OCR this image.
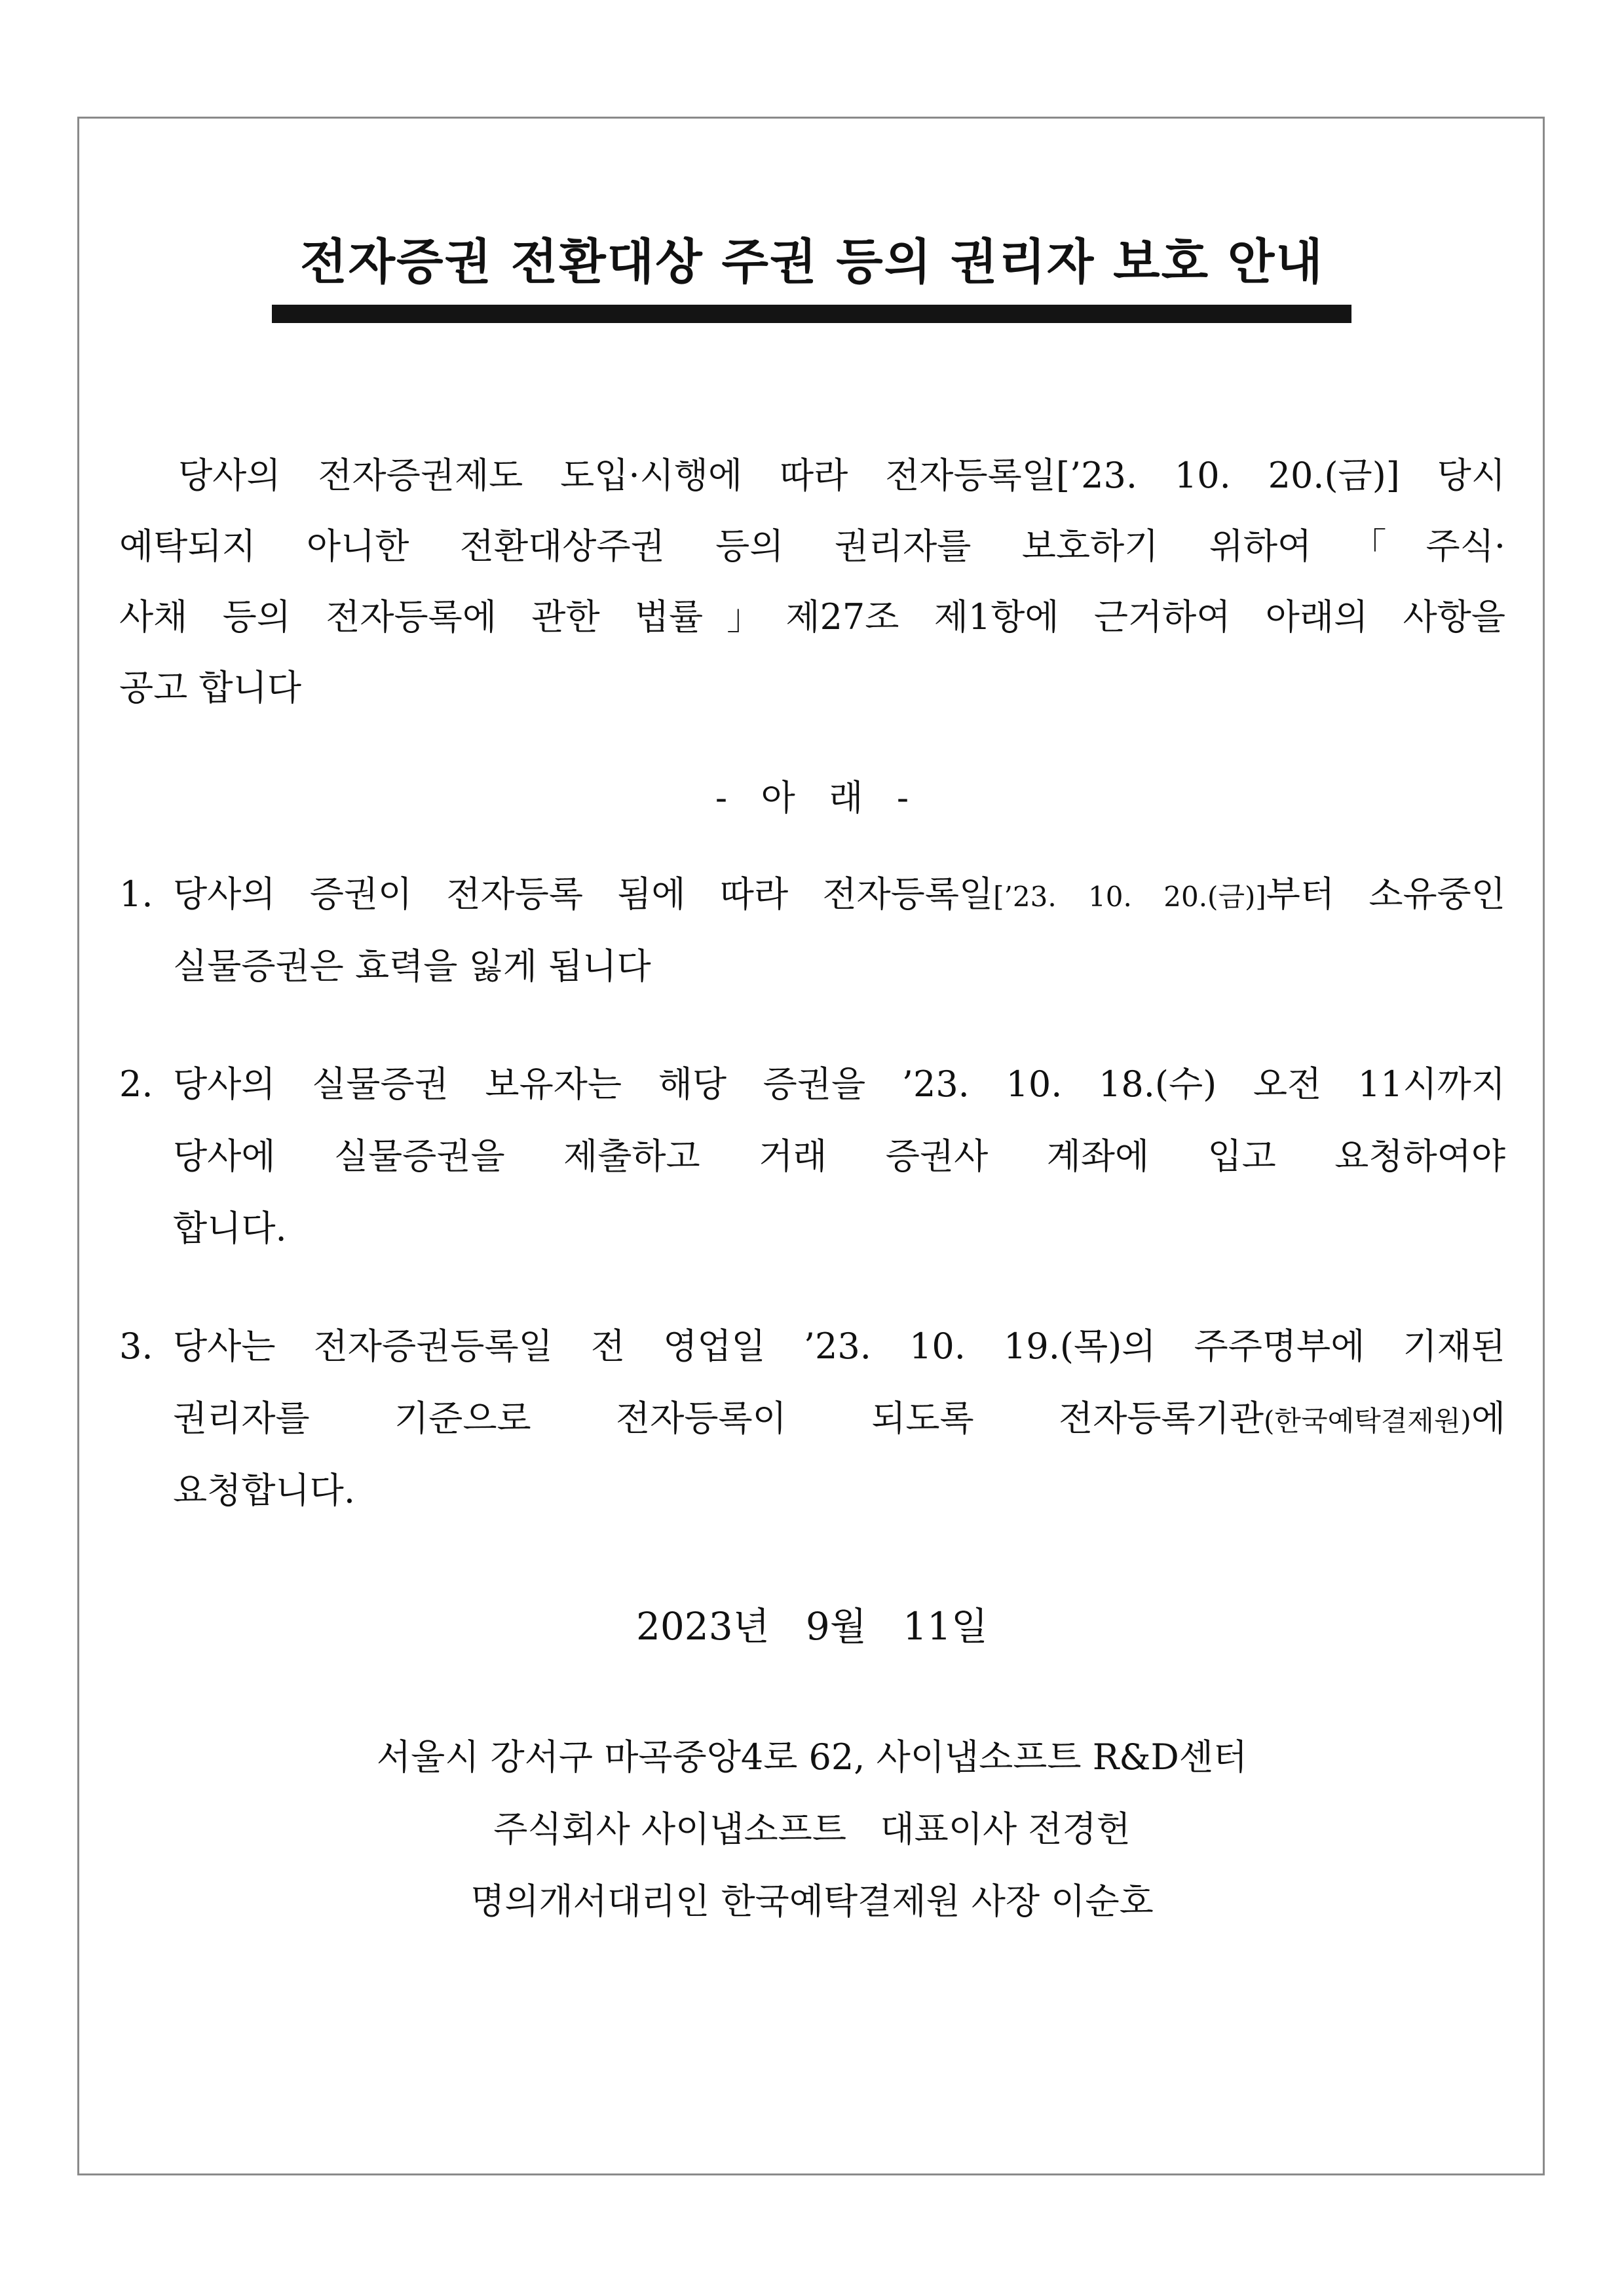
전자증권 전환대상 주권 등의 권리자 보호 안내
당사의 전자증권제도 도입·시행에 따라 전자등록일[’23. 10. 20.(금)] 당시
예탁되지 아니한 전환대상주권 등의 권리자를 보호하기 위하여「주식·
사채 등의 전자등록에 관한 법률」제27조 제1항에 근거하여 아래의 사항을
공고 합니다
-   아   래   -
1. 당사의 증권이 전자등록 됨에 따라 전자등록일[’23. 10. 20.(금)]부터 소유중인
실물증권은 효력을 잃게 됩니다
2. 당사의 실물증권 보유자는 해당 증권을 ’23. 10. 18.(수) 오전 11시까지
당사에 실물증권을 제출하고 거래 증권사 계좌에 입고 요청하여야
합니다.
3. 당사는 전자증권등록일 전 영업일 ’23. 10. 19.(목)의 주주명부에 기재된
권리자를 기준으로 전자등록이 되도록 전자등록기관(한국예탁결제원)에
요청합니다.
2023년   9월   11일
서울시 강서구 마곡중앙4로 62, 사이냅소프트 R&D센터
주식회사 사이냅소프트   대표이사 전경헌
명의개서대리인 한국예탁결제원 사장 이순호
